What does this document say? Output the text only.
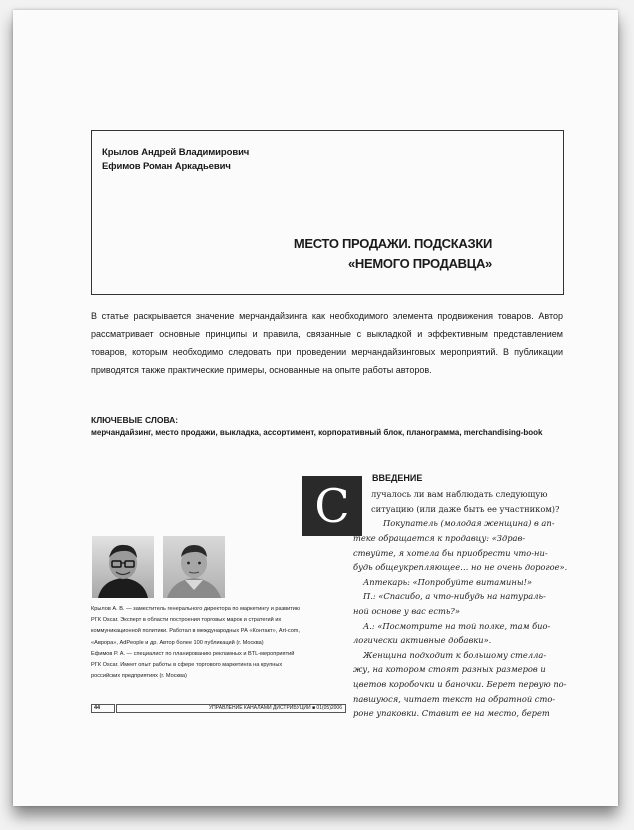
Крылов Андрей Владимирович
Ефимов Роман Аркадьевич
МЕСТО ПРОДАЖИ. ПОДСКАЗКИ
«НЕМОГО ПРОДАВЦА»
В статье раскрывается значение мерчандайзинга как необходимого элемента продвижения товаров. Автор рассматривает основные принципы и правила, связанные с выкладкой и эффективным представлением товаров, которым необходимо следовать при проведении мерчандайзинговых мероприятий. В публикации приводятся также практические примеры, основанные на опыте работы авторов.
КЛЮЧЕВЫЕ СЛОВА:
мерчандайзинг, место продажи, выкладка, ассортимент, корпоративный блок, планограмма, merchandising-book
С
ВВЕДЕНИЕ
лучалось ли вам наблюдать следующую
ситуацию (или даже быть ее участником)?
Покупатель (молодая женщина) в ап-
теке обращается к продавцу: «Здрав-
ствуйте, я хотела бы приобрести что-ни-
будь общеукрепляющее… но не очень дорогое».
Аптекарь: «Попробуйте витамины!»
П.: «Спасибо, а что-нибудь на натураль-
ной основе у вас есть?»
А.: «Посмотрите на той полке, там био-
логически активные добавки».
Женщина подходит к большому стелла-
жу, на котором стоят разных размеров и
цветов коробочки и баночки. Берет первую по-
павшуюся, читает текст на обратной сто-
роне упаковки. Ставит ее на место, берет
Крылов А. В. — заместитель генерального директора по маркетингу и развитию РГК Oscar. Эксперт в области построения торговых марок и стратегий их коммуникационной политики. Работал в международных РА «Контакт», Art-com, «Аврора», AdPeople и др. Автор более 100 публикаций (г. Москва)
Ефимов Р. А. — специалист по планированию рекламных и BTL-мероприятий РГК Oscar. Имеет опыт работы в сфере торгового маркетинга на крупных российских предприятиях (г. Москва)
44	УПРАВЛЕНИЕ КАНАЛАМИ ДИСТРИБУЦИИ ■ 01(05)2006
